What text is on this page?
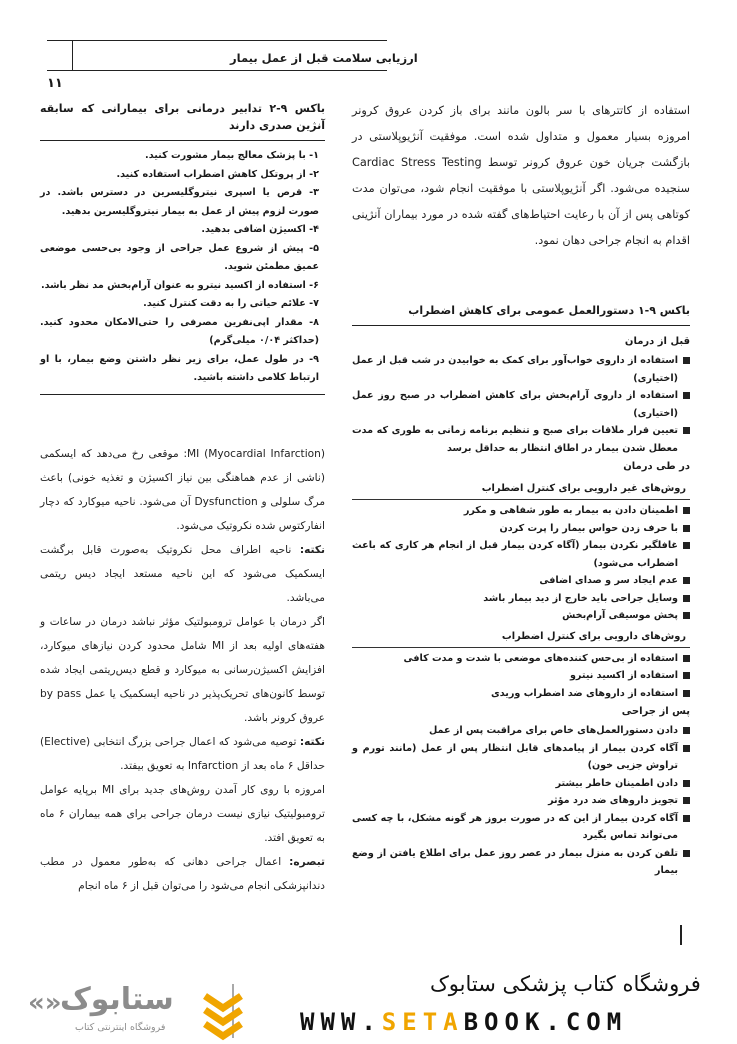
ارزیابی سلامت قبل از عمل بیمار
۱۱

استفاده از کاتترهای با سر بالون مانند برای باز کردن عروق کرونر امروزه بسیار معمول و متداول شده است. موفقیت آنژیوپلاستی در بازگشت جریان خون عروق کرونر توسط Cardiac Stress Testing سنجیده می‌شود. اگر آنژیوپلاستی با موفقیت انجام شود، می‌توان مدت کوتاهی پس از آن با رعایت احتیاط‌های گفته شده در مورد بیماران آنژینی اقدام به انجام جراحی دهان نمود.

باکس ۹-۲ تدابیر درمانی برای بیمارانی که سابقه آنژین صدری دارند

۱- با پزشک معالج بیمار مشورت کنید.
۲- از پروتکل کاهش اضطراب استفاده کنید.
۳- قرص یا اسپری نیتروگلیسرین در دسترس باشد. در صورت لزوم پیش از عمل به بیمار نیتروگلیسرین بدهید.
۴- اکسیژن اضافی بدهید.
۵- پیش از شروع عمل جراحی از وجود بی‌حسی موضعی عمیق مطمئن شوید.
۶- استفاده از اکسید نیترو به عنوان آرام‌بخش مد نظر باشد.
۷- علائم حیاتی را به دقت کنترل کنید.
۸- مقدار اپی‌نفرین مصرفی را حتی‌الامکان محدود کنید. (حداکثر ۰/۰۴ میلی‌گرم)
۹- در طول عمل، برای زیر نظر داشتن وضع بیمار، با او ارتباط کلامی داشته باشید.

MI (Myocardial Infarction): موقعی رخ می‌دهد که ایسکمی (ناشی از عدم هماهنگی بین نیاز اکسیژن و تغذیه خونی) باعث مرگ سلولی و Dysfunction آن می‌شود. ناحیه میوکارد که دچار انفارکتوس شده نکروتیک می‌شود.

نکته: ناحیه اطراف محل نکروتیک به‌صورت قابل برگشت ایسکمیک می‌شود که این ناحیه مستعد ایجاد دیس ریتمی می‌باشد.

اگر درمان با عوامل ترومبولتیک مؤثر نباشد درمان در ساعات و هفته‌های اولیه بعد از MI شامل محدود کردن نیازهای میوکارد، افزایش اکسیژن‌رسانی به میوکارد و قطع دیس‌ریتمی ایجاد شده توسط کانون‌های تحریک‌پذیر در ناحیه ایسکمیک یا عمل by pass عروق کرونر باشد.

نکته: توصیه می‌شود که اعمال جراحی بزرگ انتخابی (Elective) حداقل ۶ ماه بعد از Infarction به تعویق بیفتد.

امروزه با روی کار آمدن روش‌های جدید برای MI برپایه عوامل ترومبولیتیک نیازی نیست درمان جراحی برای همه بیماران ۶ ماه به تعویق افتد.

تبصره: اعمال جراحی دهانی که به‌طور معمول در مطب دندانپزشکی انجام می‌شود را می‌توان قبل از ۶ ماه انجام

باکس ۹-۱ دستورالعمل عمومی برای کاهش اضطراب

قبل از درمان

استفاده از داروی خواب‌آور برای کمک به خوابیدن در شب قبل از عمل (اختیاری)
استفاده از داروی آرام‌بخش برای کاهش اضطراب در صبح روز عمل (اختیاری)
تعیین قرار ملاقات برای صبح و تنظیم برنامه زمانی به طوری که مدت معطل شدن بیمار در اطاق انتظار به حداقل برسد

در طی درمان

روش‌های غیر دارویی برای کنترل اضطراب

اطمینان دادن به بیمار به طور شفاهی و مکرر
با حرف زدن حواس بیمار را پرت کردن
غافلگیر نکردن بیمار (آگاه کردن بیمار قبل از انجام هر کاری که باعث اضطراب می‌شود)
عدم ایجاد سر و صدای اضافی
وسایل جراحی باید خارج از دید بیمار باشد
پخش موسیقی آرام‌بخش

روش‌های دارویی برای کنترل اضطراب

استفاده از بی‌حس کننده‌های موضعی با شدت و مدت کافی
استفاده از اکسید نیترو
استفاده از داروهای ضد اضطراب وریدی

پس از جراحی

دادن دستورالعمل‌های خاص برای مراقبت پس از عمل
آگاه کردن بیمار از پیامدهای قابل انتظار پس از عمل (مانند تورم و تراوش جزیی خون)
دادن اطمینان خاطر بیشتر
تجویز داروهای ضد درد مؤثر
آگاه کردن بیمار از این که در صورت بروز هر گونه مشکل، با چه کسی می‌تواند تماس بگیرد
تلفن کردن به منزل بیمار در عصر روز عمل برای اطلاع یافتن از وضع بیمار
«»
ستابوک
فروشگاه اینترنتی کتاب
فروشگاه کتاب پزشکی ستابوک
WWW.SETABOOK.COM
